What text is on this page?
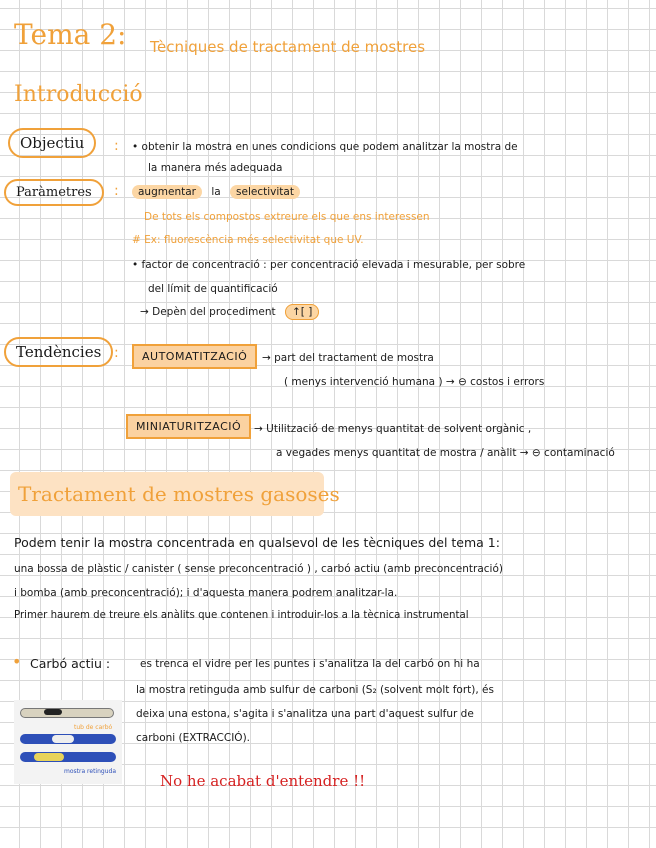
Tema 2: Tècniques de tractament de mostres
Introducció
Objectiu	: • obtenir la mostra en unes condicions que podem analitzar la mostra de
la manera més adequada
Paràmetres	:	augmentar la selectivitat
De tots els compostos extreure els que ens interessen
# Ex: fluorescència més selectivitat que UV.
• factor de concentració : per concentració elevada i mesurable, per sobre
del límit de quantificació
→ Depèn del procediment ↑[ ]
Tendències :	AUTOMATITZACIÓ	→ part del tractament de mostra
( menys intervenció humana ) → ⊖ costos i errors
MINIATURITZACIÓ	→ Utilització de menys quantitat de solvent orgànic ,
a vegades menys quantitat de mostra / anàlit → ⊖ contaminació
Tractament de mostres gasoses
Podem tenir la mostra concentrada en qualsevol de les tècniques del tema 1:
una bossa de plàstic / canister ( sense preconcentració ) , carbó actiu (amb preconcentració)
i bomba (amb preconcentració); i d'aquesta manera podrem analitzar-la.
Primer haurem de treure els anàlits que contenen i introduir-los a la tècnica instrumental
• Carbó actiu :	es trenca el vidre per les puntes i s'analitza la del carbó on hi ha
la mostra retinguda amb sulfur de carboni (S₂ (solvent molt fort), és
deixa una estona, s'agita i s'analitza una part d'aquest sulfur de
carboni (EXTRACCIÓ).
tub de carbó
mostra retinguda
No he acabat d'entendre !!
